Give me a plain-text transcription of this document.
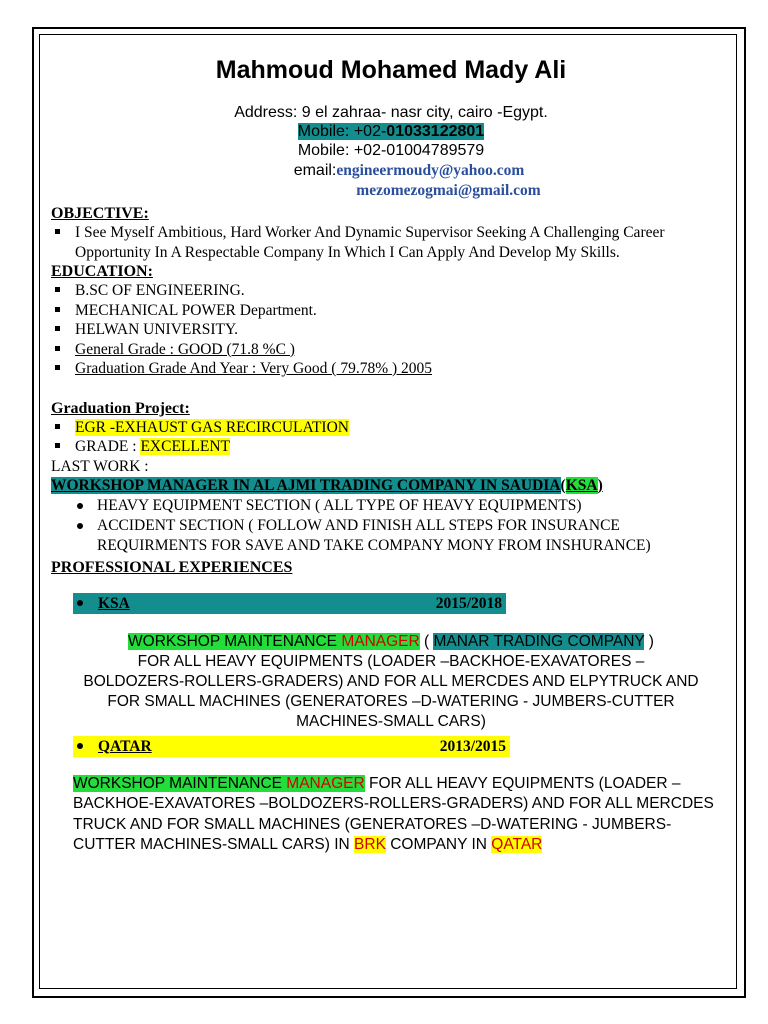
Mahmoud Mohamed Mady Ali
Address: 9 el zahraa- nasr city, cairo -Egypt.
Mobile: +02-01033122801
Mobile: +02-01004789579
email:engineermoudy@yahoo.com
mezomezogmai@gmail.com
OBJECTIVE:
I See Myself Ambitious, Hard Worker And Dynamic Supervisor Seeking A Challenging Career Opportunity In A Respectable Company In Which I Can Apply And Develop My Skills.
EDUCATION:
B.SC OF ENGINEERING.
MECHANICAL POWER Department.
HELWAN UNIVERSITY.
General Grade : GOOD (71.8 %C )
Graduation Grade And Year : Very Good ( 79.78% ) 2005
Graduation Project:
EGR -EXHAUST GAS RECIRCULATION
GRADE : EXCELLENT
LAST WORK :
WORKSHOP MANAGER IN AL AJMI TRADING COMPANY IN SAUDIA(KSA)
HEAVY EQUIPMENT SECTION ( ALL TYPE OF HEAVY EQUIPMENTS)
ACCIDENT SECTION ( FOLLOW AND FINISH ALL STEPS FOR INSURANCE REQUIRMENTS FOR SAVE AND TAKE COMPANY MONY FROM INSHURANCE)
PROFESSIONAL EXPERIENCES
KSA	2015/2018
WORKSHOP MAINTENANCE MANAGER ( MANAR TRADING COMPANY )
FOR ALL HEAVY EQUIPMENTS (LOADER –BACKHOE-EXAVATORES –
BOLDOZERS-ROLLERS-GRADERS) AND FOR ALL MERCDES AND ELPYTRUCK AND
FOR SMALL MACHINES (GENERATORES –D-WATERING - JUMBERS-CUTTER
MACHINES-SMALL CARS)
QATAR	2013/2015
WORKSHOP MAINTENANCE MANAGER FOR ALL HEAVY EQUIPMENTS (LOADER –BACKHOE-EXAVATORES –BOLDOZERS-ROLLERS-GRADERS) AND FOR ALL MERCDES TRUCK AND FOR SMALL MACHINES (GENERATORES –D-WATERING - JUMBERS-CUTTER MACHINES-SMALL CARS) IN BRK COMPANY IN QATAR
